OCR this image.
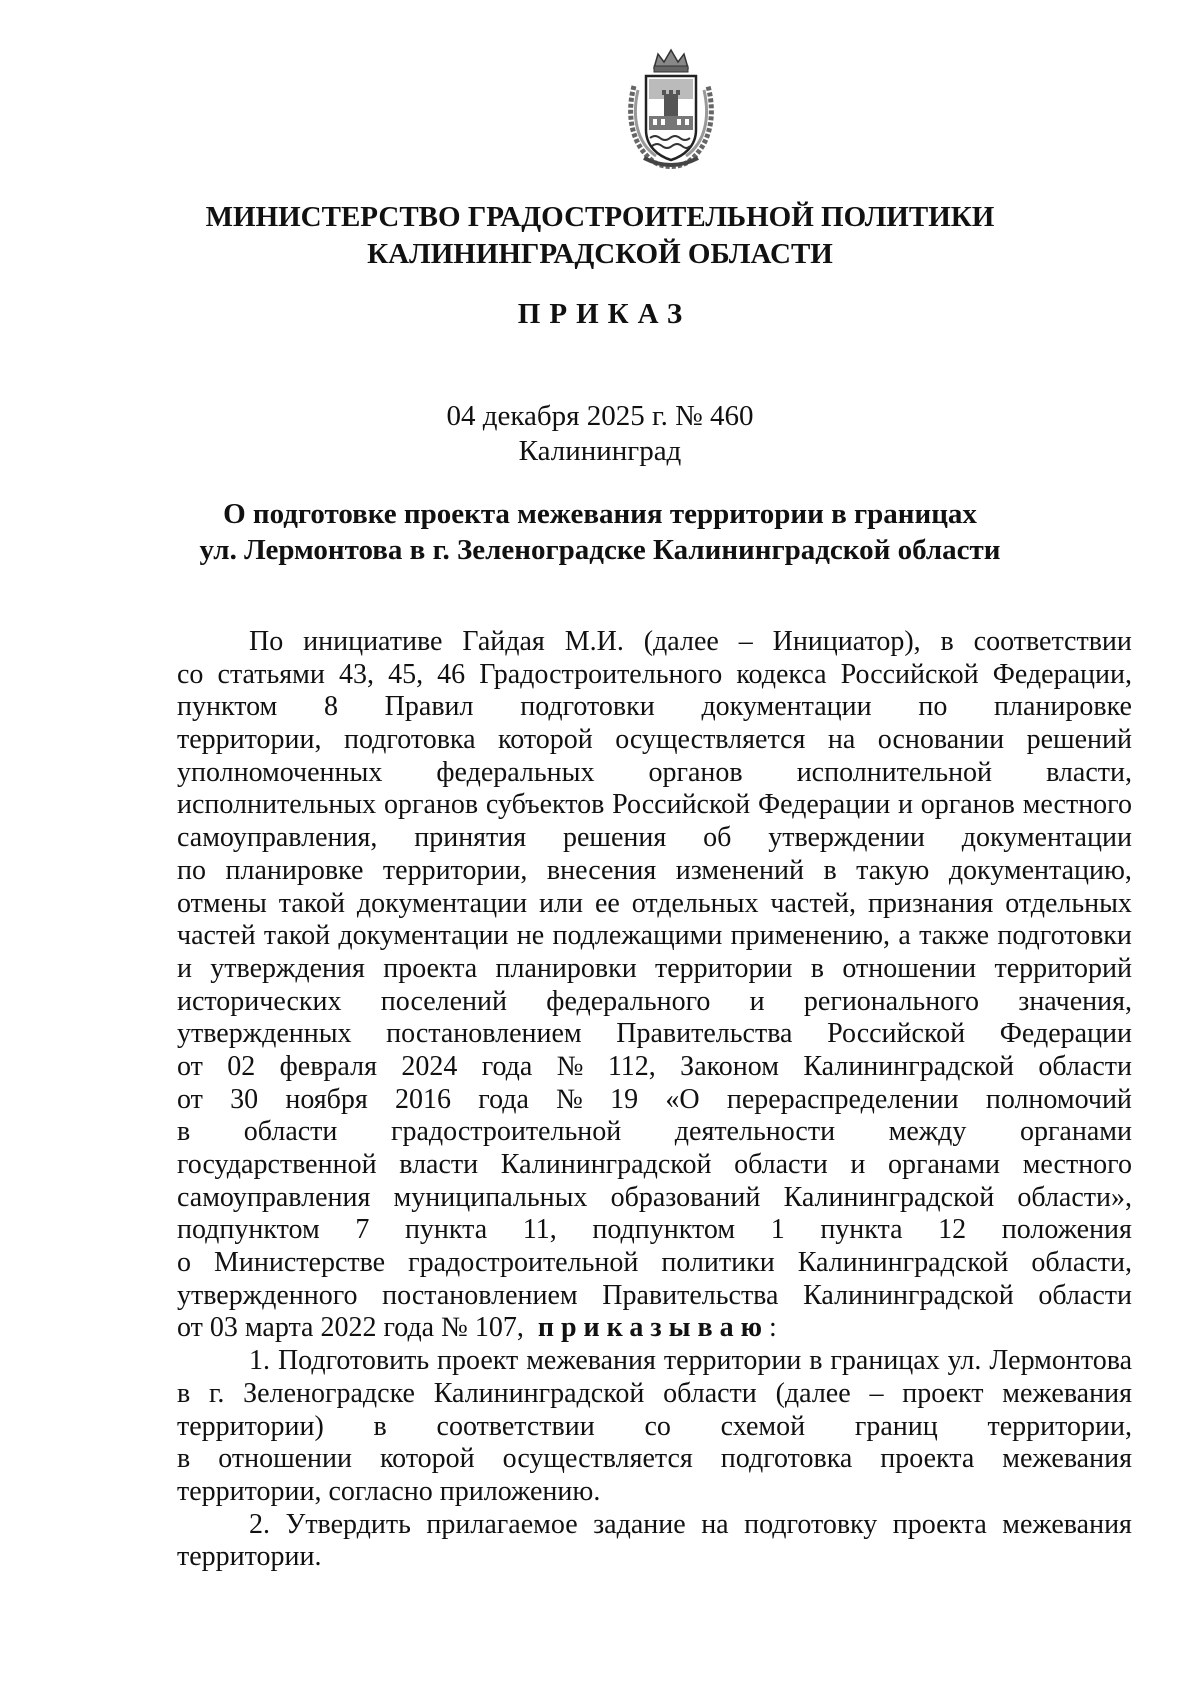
МИНИСТЕРСТВО ГРАДОСТРОИТЕЛЬНОЙ ПОЛИТИКИ
КАЛИНИНГРАДСКОЙ ОБЛАСТИ
ПРИКАЗ
04 декабря 2025 г. № 460
Калининград
О подготовке проекта межевания территории в границах
ул. Лермонтова в г. Зеленоградске Калининградской области
По инициативе Гайдая М.И. (далее – Инициатор), в соответствии
со статьями 43, 45, 46 Градостроительного кодекса Российской Федерации,
пунктом 8 Правил подготовки документации по планировке
территории, подготовка которой осуществляется на основании решений
уполномоченных федеральных органов исполнительной власти,
исполнительных органов субъектов Российской Федерации и органов местного
самоуправления, принятия решения об утверждении документации
по планировке территории, внесения изменений в такую документацию,
отмены такой документации или ее отдельных частей, признания отдельных
частей такой документации не подлежащими применению, а также подготовки
и утверждения проекта планировки территории в отношении территорий
исторических поселений федерального и регионального значения,
утвержденных постановлением Правительства Российской Федерации
от 02 февраля 2024 года № 112, Законом Калининградской области
от 30 ноября 2016 года № 19 «О перераспределении полномочий
в области градостроительной деятельности между органами
государственной власти Калининградской области и органами местного
самоуправления муниципальных образований Калининградской области»,
подпунктом 7 пункта 11, подпунктом 1 пункта 12 положения
о Министерстве градостроительной политики Калининградской области,
утвержденного постановлением Правительства Калининградской области
от 03 марта 2022 года № 107,
приказываю :
1. Подготовить проект межевания территории в границах ул. Лермонтова
в г. Зеленоградске Калининградской области (далее – проект межевания
территории) в соответствии со схемой границ территории,
в отношении которой осуществляется подготовка проекта межевания
территории, согласно приложению.
2. Утвердить прилагаемое задание на подготовку проекта межевания
территории.
